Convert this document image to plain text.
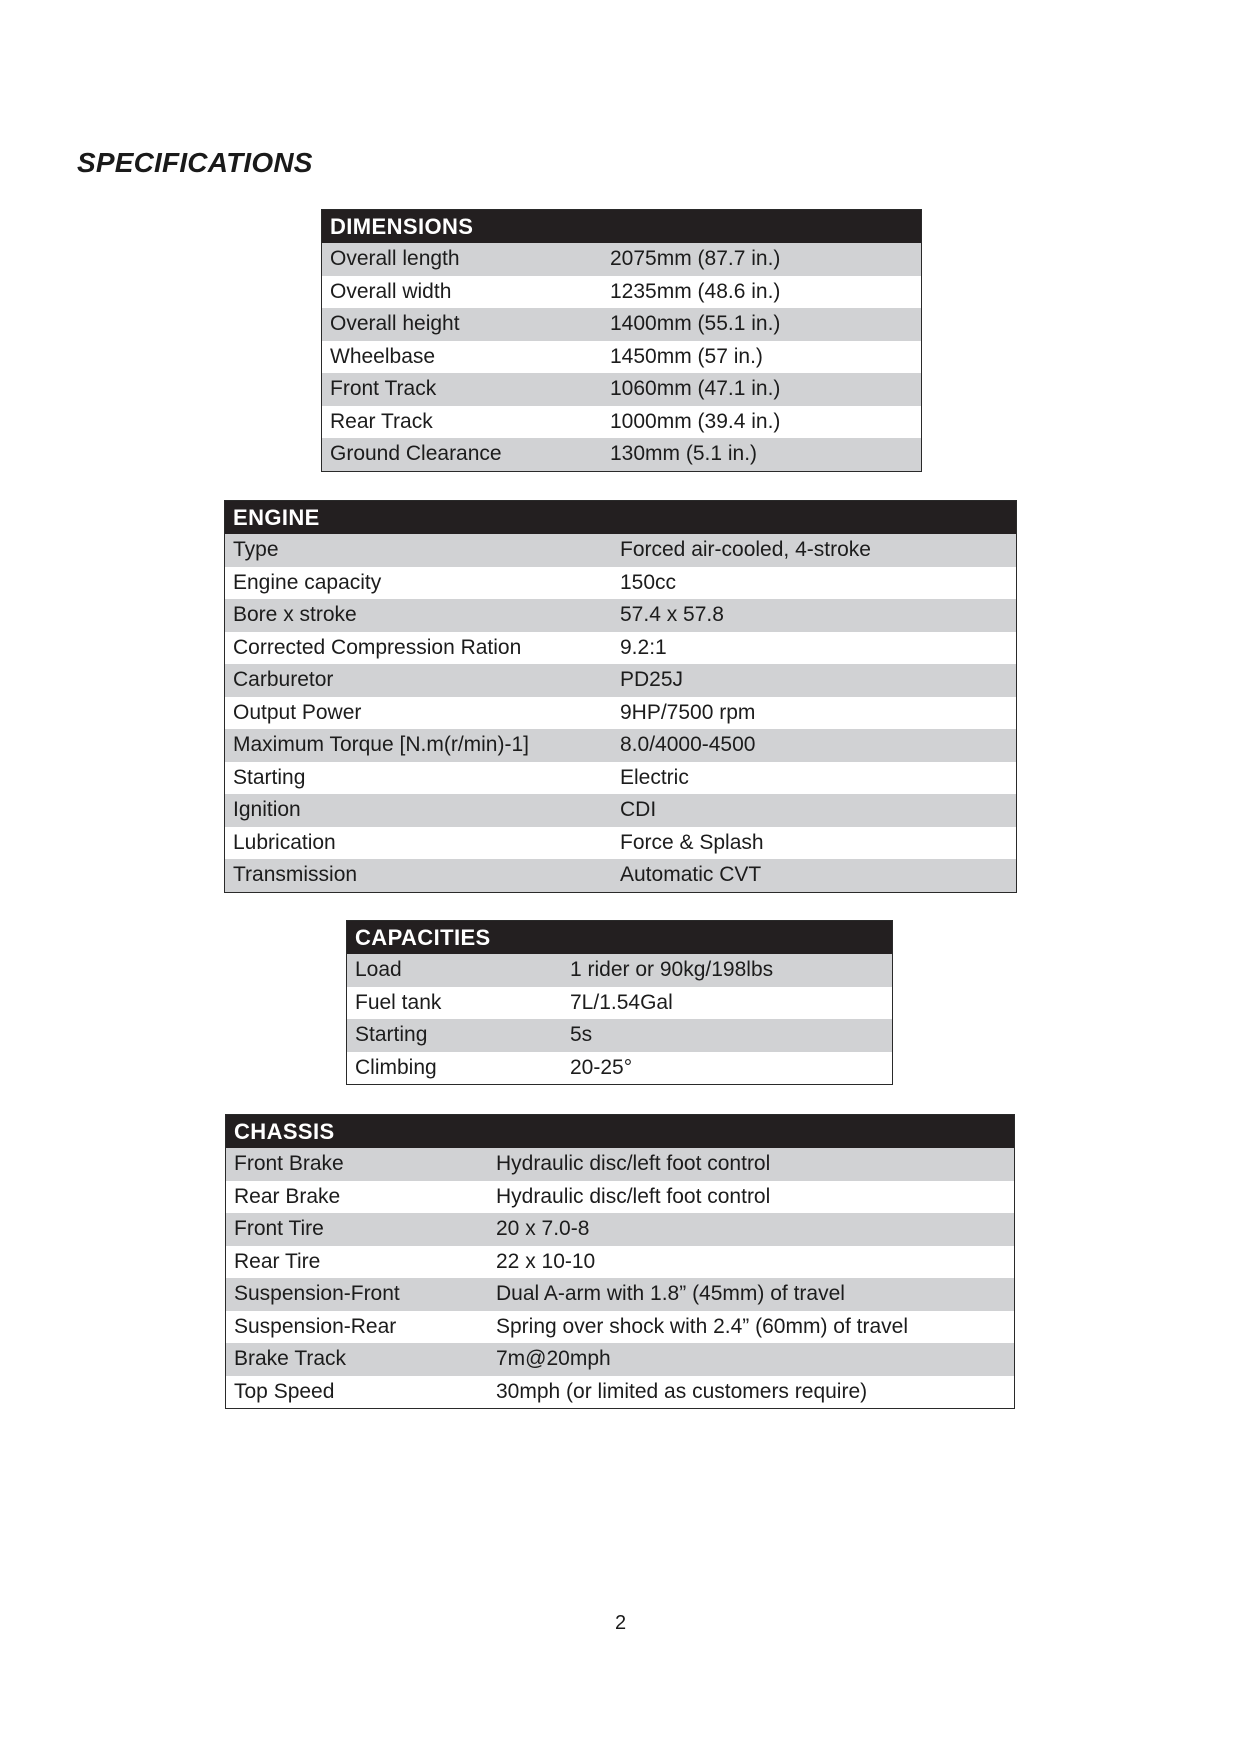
SPECIFICATIONS
DIMENSIONS
Overall length	2075mm (87.7 in.)
Overall width	1235mm (48.6 in.)
Overall height	1400mm (55.1 in.)
Wheelbase	1450mm (57 in.)
Front Track	1060mm (47.1 in.)
Rear Track	1000mm (39.4 in.)
Ground Clearance	130mm (5.1 in.)
ENGINE
Type	Forced air-cooled, 4-stroke
Engine capacity	150cc
Bore x stroke	57.4 x 57.8
Corrected Compression Ration	9.2:1
Carburetor	PD25J
Output Power	9HP/7500 rpm
Maximum Torque [N.m(r/min)-1]	8.0/4000-4500
Starting	Electric
Ignition	CDI
Lubrication	Force & Splash
Transmission	Automatic CVT
CAPACITIES
Load	1 rider or 90kg/198lbs
Fuel tank	7L/1.54Gal
Starting	5s
Climbing	20-25°
CHASSIS
Front Brake	Hydraulic disc/left foot control
Rear Brake	Hydraulic disc/left foot control
Front Tire	20 x 7.0-8
Rear Tire	22 x 10-10
Suspension-Front	Dual A-arm with 1.8” (45mm) of travel
Suspension-Rear	Spring over shock with 2.4” (60mm) of travel
Brake Track	7m@20mph
Top Speed	30mph (or limited as customers require)
2
